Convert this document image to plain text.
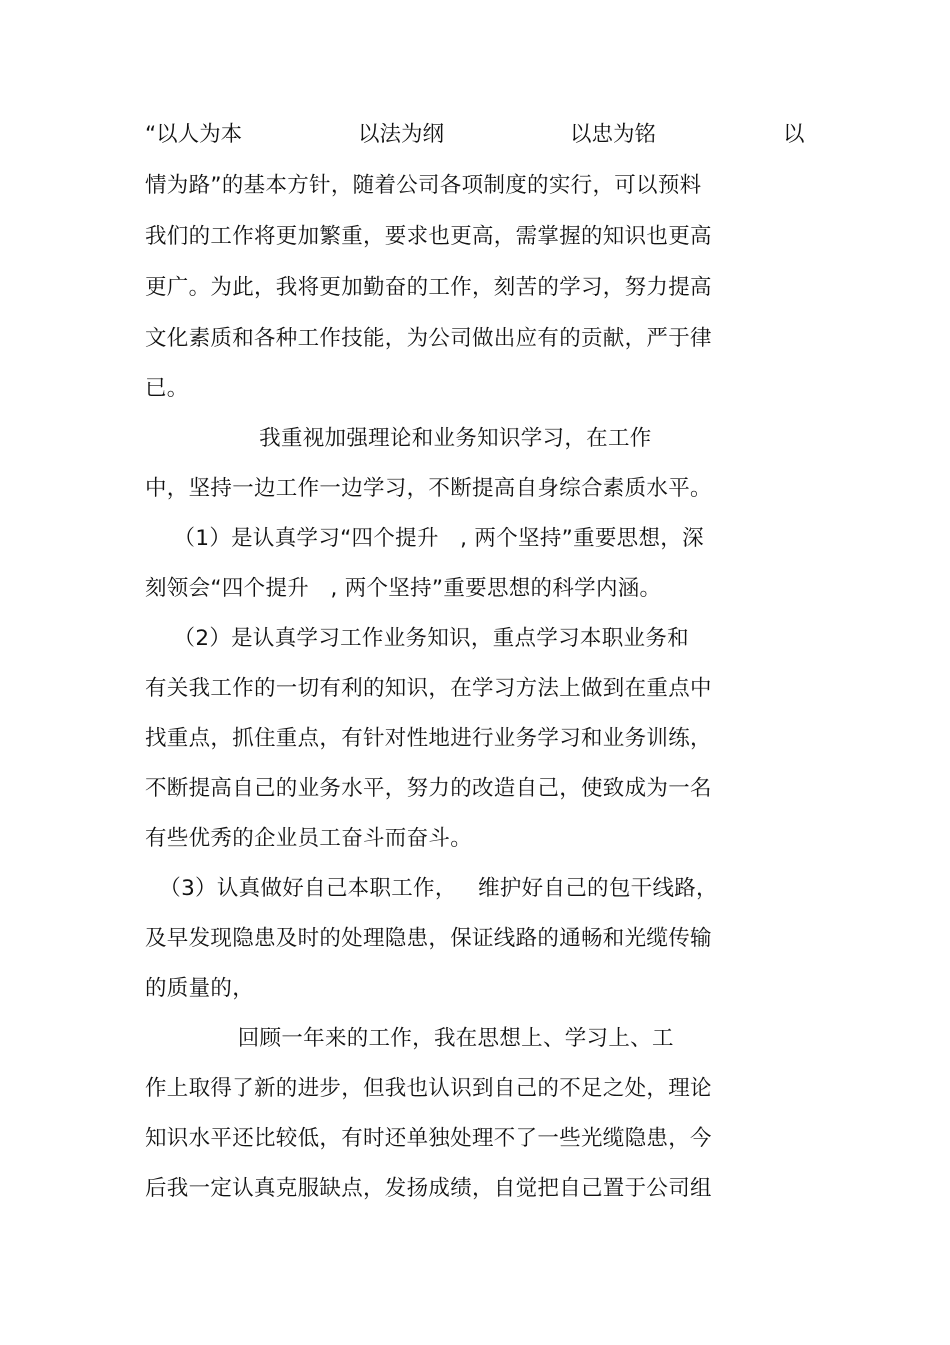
“以人为本	以法为纲	以忠为铭	以
情为路”的基本方针，随着公司各项制度的实行，可以预料
我们的工作将更加繁重，要求也更高，需掌握的知识也更高
更广。为此，我将更加勤奋的工作，刻苦的学习，努力提高
文化素质和各种工作技能，为公司做出应有的贡献，严于律
已。
我重视加强理论和业务知识学习，在工作
中，坚持一边工作一边学习，不断提高自身综合素质水平。
（1）是认真学习“四个提升   , 两个坚持”重要思想，深
刻领会“四个提升   , 两个坚持”重要思想的科学内涵。
（2）是认真学习工作业务知识，重点学习本职业务和
有关我工作的一切有利的知识，在学习方法上做到在重点中
找重点，抓住重点，有针对性地进行业务学习和业务训练，
不断提高自己的业务水平，努力的改造自己，使致成为一名
有些优秀的企业员工奋斗而奋斗。
（3）认真做好自己本职工作，   维护好自己的包干线路，
及早发现隐患及时的处理隐患，保证线路的通畅和光缆传输
的质量的，
回顾一年来的工作，我在思想上、学习上、工
作上取得了新的进步，但我也认识到自己的不足之处，理论
知识水平还比较低，有时还单独处理不了一些光缆隐患，今
后我一定认真克服缺点，发扬成绩，自觉把自己置于公司组
